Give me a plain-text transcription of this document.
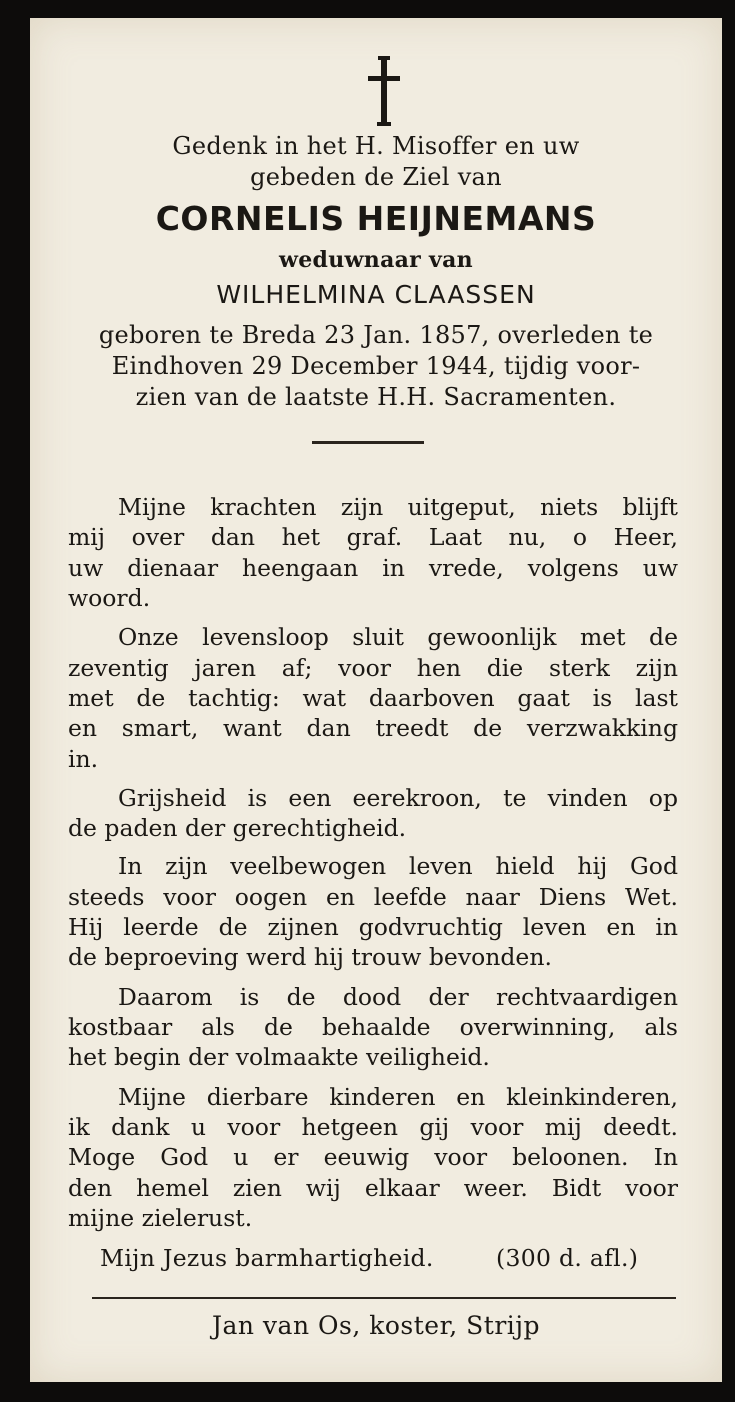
Gedenk in het H. Misoffer en uw
gebeden de Ziel van
CORNELIS HEIJNEMANS
weduwnaar van
WILHELMINA CLAASSEN
geboren te Breda 23 Jan. 1857, overleden te
Eindhoven 29 December 1944, tijdig voor-
zien van de laatste H.H. Sacramenten.
Mijne krachten zijn uitgeput, niets blijft
mij over dan het graf. Laat nu, o Heer,
uw dienaar heengaan in vrede, volgens uw
woord.
Onze levensloop sluit gewoonlijk met de
zeventig jaren af; voor hen die sterk zijn
met de tachtig: wat daarboven gaat is last
en smart, want dan treedt de verzwakking
in.
Grijsheid is een eerekroon, te vinden op
de paden der gerechtigheid.
In zijn veelbewogen leven hield hij God
steeds voor oogen en leefde naar Diens Wet.
Hij leerde de zijnen godvruchtig leven en in
de beproeving werd hij trouw bevonden.
Daarom is de dood der rechtvaardigen
kostbaar als de behaalde overwinning, als
het begin der volmaakte veiligheid.
Mijne dierbare kinderen en kleinkinderen,
ik dank u voor hetgeen gij voor mij deedt.
Moge God u er eeuwig voor beloonen. In
den hemel zien wij elkaar weer. Bidt voor
mijne zielerust.
Mijn Jezus barmhartigheid.	(300 d. afl.)
Jan van Os, koster, Strijp
